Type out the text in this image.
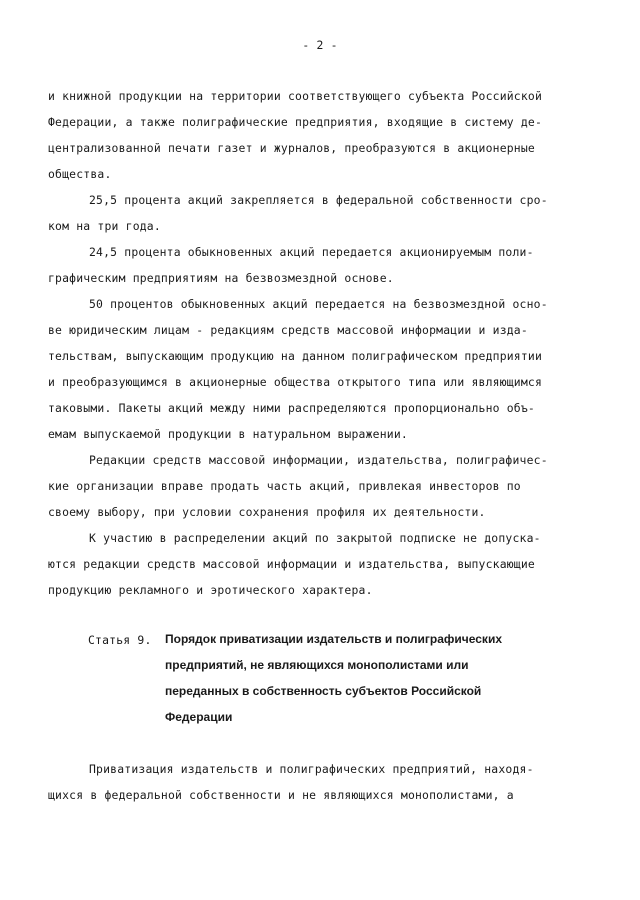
- 2 -
и книжной продукции на территории соответствующего субъекта Российской
Федерации, а также полиграфические предприятия, входящие в систему де-
централизованной печати газет и журналов, преобразуются в акционерные
общества.
25,5 процента акций закрепляется в федеральной собственности сро-
ком на три года.
24,5 процента обыкновенных акций передается акционируемым поли-
графическим предприятиям на безвозмездной основе.
50 процентов обыкновенных акций передается на безвозмездной осно-
ве юридическим лицам - редакциям средств массовой информации и изда-
тельствам, выпускающим продукцию на данном полиграфическом предприятии
и преобразующимся в акционерные общества открытого типа или являющимся
таковыми. Пакеты акций между ними распределяются пропорционально объ-
емам выпускаемой продукции в натуральном выражении.
Редакции средств массовой информации, издательства, полиграфичес-
кие организации вправе продать часть акций, привлекая инвесторов по
своему выбору, при условии сохранения профиля их деятельности.
К участию в распределении акций по закрытой подписке не допуска-
ются редакции средств массовой информации и издательства, выпускающие
продукцию рекламного и эротического характера.
Статья 9. Порядок приватизации издательств и полиграфических
предприятий, не являющихся монополистами или
переданных в собственность субъектов Российской
Федерации
Приватизация издательств и полиграфических предприятий, находя-
щихся в федеральной собственности и не являющихся монополистами, а
